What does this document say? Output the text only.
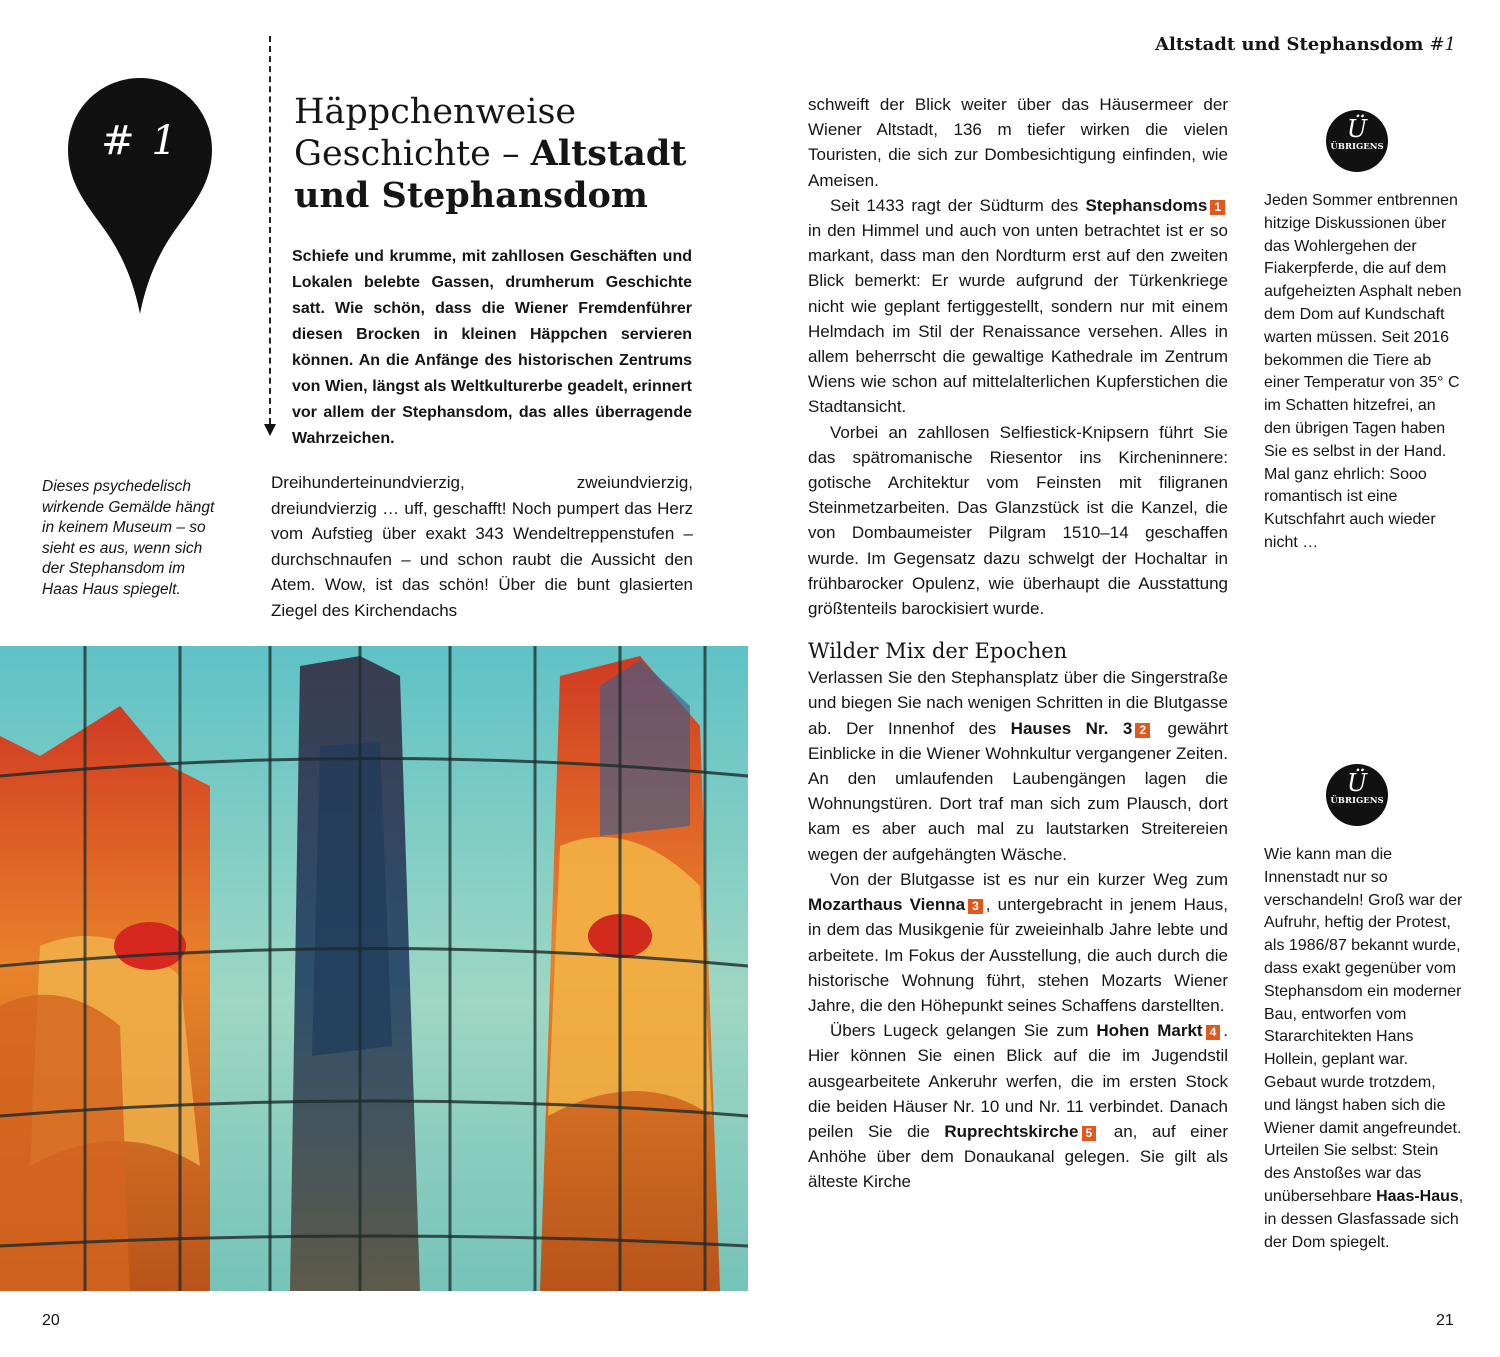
Altstadt und Stephansdom #1
# 1
Häppchenweise
Geschichte – Altstadt
und Stephansdom
Schiefe und krumme, mit zahllosen Geschäften und Lokalen belebte Gassen, drumherum Geschichte satt. Wie schön, dass die Wiener Fremdenführer diesen Brocken in kleinen Häppchen servieren können. An die Anfänge des historischen Zentrums von Wien, längst als Weltkulturerbe geadelt, erinnert vor allem der Stephansdom, das alles überragende Wahrzeichen.
Dreihunderteinundvierzig, zweiundvierzig, dreiundvierzig … uff, geschafft! Noch pumpert das Herz vom Aufstieg über exakt 343 Wendeltreppenstufen – durchschnaufen – und schon raubt die Aussicht den Atem. Wow, ist das schön! Über die bunt glasierten Ziegel des Kirchendachs
Dieses psychedelisch wirkende Gemälde hängt in keinem Museum – so sieht es aus, wenn sich der Stephansdom im Haas Haus spiegelt.

schweift der Blick weiter über das Häusermeer der Wiener Altstadt, 136 m tiefer wirken die vielen Touristen, die sich zur Dombesichtigung einfinden, wie Ameisen.

Seit 1433 ragt der Südturm des Stephansdoms 1 in den Himmel und auch von unten betrachtet ist er so markant, dass man den Nordturm erst auf den zweiten Blick bemerkt: Er wurde aufgrund der Türkenkriege nicht wie geplant fertiggestellt, sondern nur mit einem Helmdach im Stil der Renaissance versehen. Alles in allem beherrscht die gewaltige Kathedrale im Zentrum Wiens wie schon auf mittelalterlichen Kupferstichen die Stadtansicht.

Vorbei an zahllosen Selfiestick-Knipsern führt Sie das spätromanische Riesentor ins Kircheninnere: gotische Architektur vom Feinsten mit filigranen Steinmetzarbeiten. Das Glanzstück ist die Kanzel, die von Dombaumeister Pilgram 1510–14 geschaffen wurde. Im Gegensatz dazu schwelgt der Hochaltar in frühbarocker Opulenz, wie überhaupt die Ausstattung größtenteils barockisiert wurde.

Wilder Mix der Epochen

Verlassen Sie den Stephansplatz über die Singerstraße und biegen Sie nach wenigen Schritten in die Blutgasse ab. Der Innenhof des Hauses Nr. 3 2 gewährt Einblicke in die Wiener Wohnkultur vergangener Zeiten. An den umlaufenden Laubengängen lagen die Wohnungstüren. Dort traf man sich zum Plausch, dort kam es aber auch mal zu lautstarken Streitereien wegen der aufgehängten Wäsche.

Von der Blutgasse ist es nur ein kurzer Weg zum Mozarthaus Vienna 3 , untergebracht in jenem Haus, in dem das Musikgenie für zweieinhalb Jahre lebte und arbeitete. Im Fokus der Ausstellung, die auch durch die historische Wohnung führt, stehen Mozarts Wiener Jahre, die den Höhepunkt seines Schaffens darstellten.

Übers Lugeck gelangen Sie zum Hohen Markt 4 . Hier können Sie einen Blick auf die im Jugendstil ausgearbeitete Ankeruhr werfen, die im ersten Stock die beiden Häuser Nr. 10 und Nr. 11 verbindet. Danach peilen Sie die Ruprechtskirche 5 an, auf einer Anhöhe über dem Donaukanal gelegen. Sie gilt als älteste Kirche

Ü
ÜBRIGENS
Jeden Sommer entbrennen hitzige Diskussionen über das Wohlergehen der Fiakerpferde, die auf dem aufgeheizten Asphalt neben dem Dom auf Kundschaft warten müssen. Seit 2016 bekommen die Tiere ab einer Temperatur von 35° C im Schatten hitzefrei, an den übrigen Tagen haben Sie es selbst in der Hand. Mal ganz ehrlich: Sooo romantisch ist eine Kutschfahrt auch wieder nicht …
Ü
ÜBRIGENS
Wie kann man die Innenstadt nur so verschandeln! Groß war der Aufruhr, heftig der Protest, als 1986/87 bekannt wurde, dass exakt gegenüber vom Stephansdom ein moderner Bau, entworfen vom Stararchitekten Hans Hollein, geplant war. Gebaut wurde trotzdem, und längst haben sich die Wiener damit angefreundet. Urteilen Sie selbst: Stein des Anstoßes war das unübersehbare Haas-Haus, in dessen Glasfassade sich der Dom spiegelt.
20	21
